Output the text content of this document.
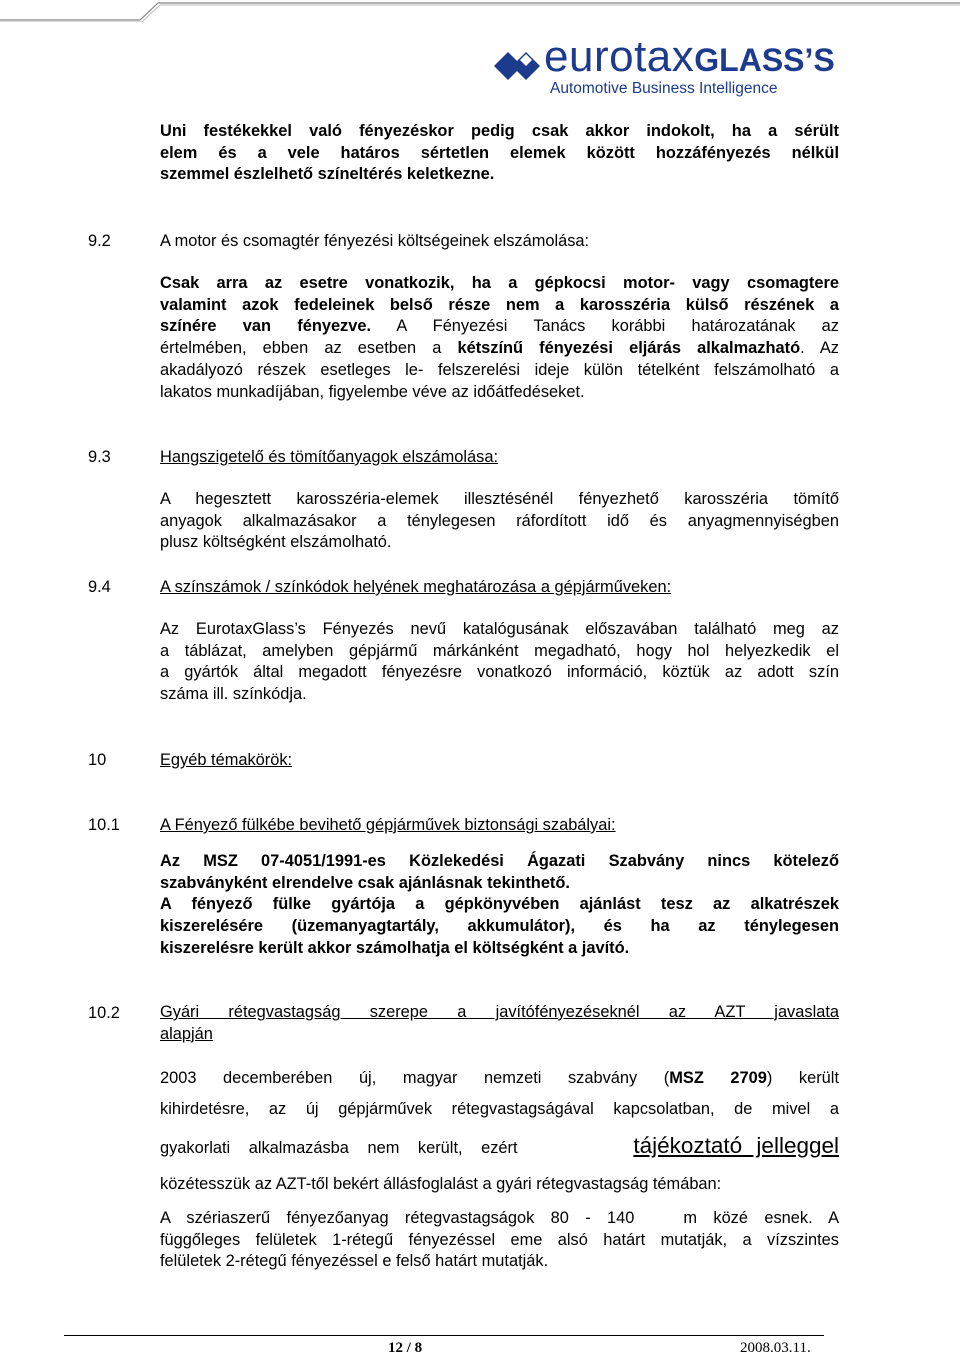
eurotaxGLASS’S
Automotive Business Intelligence
Uni festékekkel való fényezéskor pedig csak akkor indokolt, ha a sérült
elem és a vele határos sértetlen elemek között hozzáfényezés nélkül
szemmel észlelhető színeltérés keletkezne.
9.2	A motor és csomagtér fényezési költségeinek elszámolása:
Csak arra az esetre vonatkozik, ha a gépkocsi motor- vagy csomagtere
valamint azok fedeleinek belső része nem a karosszéria külső részének a
színére van fényezve. A Fényezési Tanács korábbi határozatának az
értelmében, ebben az esetben a kétszínű fényezési eljárás alkalmazható. Az
akadályozó részek esetleges le- felszerelési ideje külön tételként felszámolható a
lakatos munkadíjában, figyelembe véve az időátfedéseket.
9.3	Hangszigetelő és tömítőanyagok elszámolása:
A hegesztett karosszéria-elemek illesztésénél fényezhető karosszéria tömítő
anyagok alkalmazásakor a ténylegesen ráfordított idő és anyagmennyiségben
plusz költségként elszámolható.
9.4	A színszámok / színkódok helyének meghatározása a gépjárműveken:
Az EurotaxGlass’s Fényezés nevű katalógusának előszavában található meg az
a táblázat, amelyben gépjármű márkánként megadható, hogy hol helyezkedik el
a gyártók által megadott fényezésre vonatkozó információ, köztük az adott szín
száma ill. színkódja.
10	Egyéb témakörök:
10.1 A Fényező fülkébe bevihető gépjárművek biztonsági szabályai:
Az MSZ 07-4051/1991-es Közlekedési Ágazati Szabvány nincs kötelező
szabványként elrendelve csak ajánlásnak tekinthető.
A fényező fülke gyártója a gépkönyvében ajánlást tesz az alkatrészek
kiszerelésére (üzemanyagtartály, akkumulátor), és ha az ténylegesen
kiszerelésre került akkor számolhatja el költségként a javító.
10.2 Gyári rétegvastagság szerepe a javítófényezéseknél az AZT javaslata
alapján
2003 decemberében új, magyar nemzeti szabvány (MSZ 2709) került
kihirdetésre, az új gépjárművek rétegvastagságával kapcsolatban, de mivel a
gyakorlati alkalmazásba nem került, ezért	tájékoztató jelleggel
közétesszük az AZT-től bekért állásfoglalást a gyári rétegvastagság témában:
A szériaszerű fényezőanyag rétegvastagságok 80 - 140   m közé esnek. A
függőleges felületek 1-rétegű fényezéssel eme alsó határt mutatják, a vízszintes
felületek 2-rétegű fényezéssel e felső határt mutatják.
12 / 8	2008.03.11.
